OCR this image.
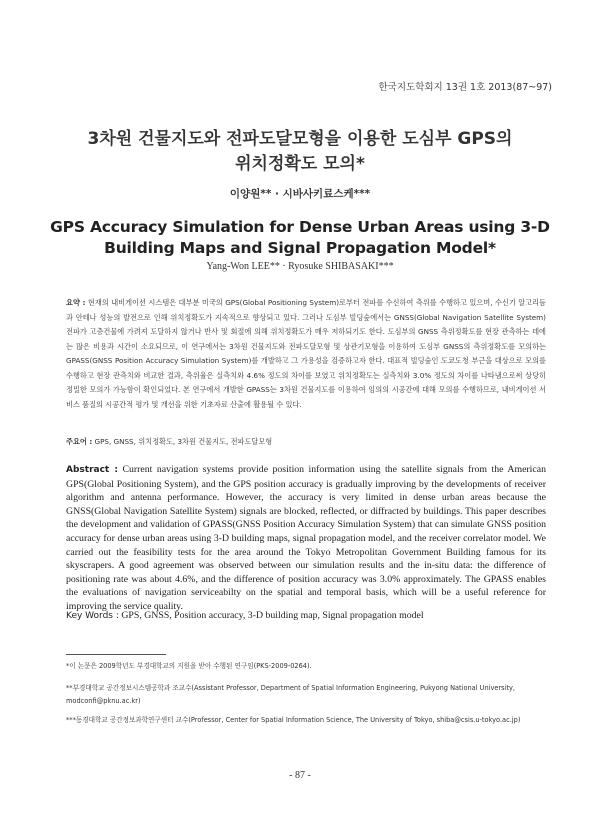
한국지도학회지 13권 1호 2013(87~97)
3차원 건물지도와 전파도달모형을 이용한 도심부 GPS의
위치정확도 모의*
이양원** · 시바사키료스케***
GPS Accuracy Simulation for Dense Urban Areas using 3-D
Building Maps and Signal Propagation Model*
Yang-Won LEE** · Ryosuke SHIBASAKI***
요약 : 현재의 내비게이션 시스템은 대부분 미국의 GPS(Global Positioning System)로부터 전파를 수신하여 측위를 수행하고 있으며, 수신기 알고리듬과 안테나 성능의 발전으로 인해 위치정확도가 지속적으로 향상되고 있다. 그러나 도심부 빌딩숲에서는 GNSS(Global Navigation Satellite System) 전파가 고층건물에 가려져 도달하지 않거나 반사 및 회절에 의해 위치정확도가 매우 저하되기도 한다. 도심부의 GNSS 측위정확도를 현장 관측하는 데에는 많은 비용과 시간이 소요되므로, 이 연구에서는 3차원 건물지도와 전파도달모형 및 상관기모형을 이용하여 도심부 GNSS의 측위정확도를 모의하는 GPASS(GNSS Position Accuracy Simulation System)를 개발하고 그 가용성을 검증하고자 한다. 대표적 빌딩숲인 도쿄도청 부근을 대상으로 모의를 수행하고 현장 관측치와 비교한 결과, 측위율은 실측치와 4.6% 정도의 차이를 보였고 위치정확도는 실측치와 3.0% 정도의 차이를 나타냄으로써 상당히 정밀한 모의가 가능함이 확인되었다. 본 연구에서 개발한 GPASS는 3차원 건물지도를 이용하여 임의의 시공간에 대해 모의를 수행하므로, 내비게이션 서비스 품질의 시공간적 평가 및 개선을 위한 기초자료 산출에 활용될 수 있다.
주요어 : GPS, GNSS, 위치정확도, 3차원 건물지도, 전파도달모형
Abstract : Current navigation systems provide position information using the satellite signals from the American GPS(Global Positioning System), and the GPS position accuracy is gradually improving by the developments of receiver algorithm and antenna performance. However, the accuracy is very limited in dense urban areas because the GNSS(Global Navigation Satellite System) signals are blocked, reflected, or diffracted by buildings. This paper describes the development and validation of GPASS(GNSS Position Accuracy Simulation System) that can simulate GNSS position accuracy for dense urban areas using 3-D building maps, signal propagation model, and the receiver correlator model. We carried out the feasibility tests for the area around the Tokyo Metropolitan Government Building famous for its skyscrapers. A good agreement was observed between our simulation results and the in-situ data: the difference of positioning rate was about 4.6%, and the difference of position accuracy was 3.0% approximately. The GPASS enables the evaluations of navigation serviceabilty on the spatial and temporal basis, which will be a useful reference for improving the service quality.
Key Words : GPS, GNSS, Position accuracy, 3-D building map, Signal propagation model
*이 논문은 2009학년도 부경대학교의 지원을 받아 수행된 연구임(PKS-2009-0264).
**부경대학교 공간정보시스템공학과 조교수(Assistant Professor, Department of Spatial Information Engineering, Pukyong National University, modconfi@pknu.ac.kr)
***동경대학교 공간정보과학연구센터 교수(Professor, Center for Spatial Information Science, The University of Tokyo, shiba@csis.u-tokyo.ac.jp)
- 87 -
